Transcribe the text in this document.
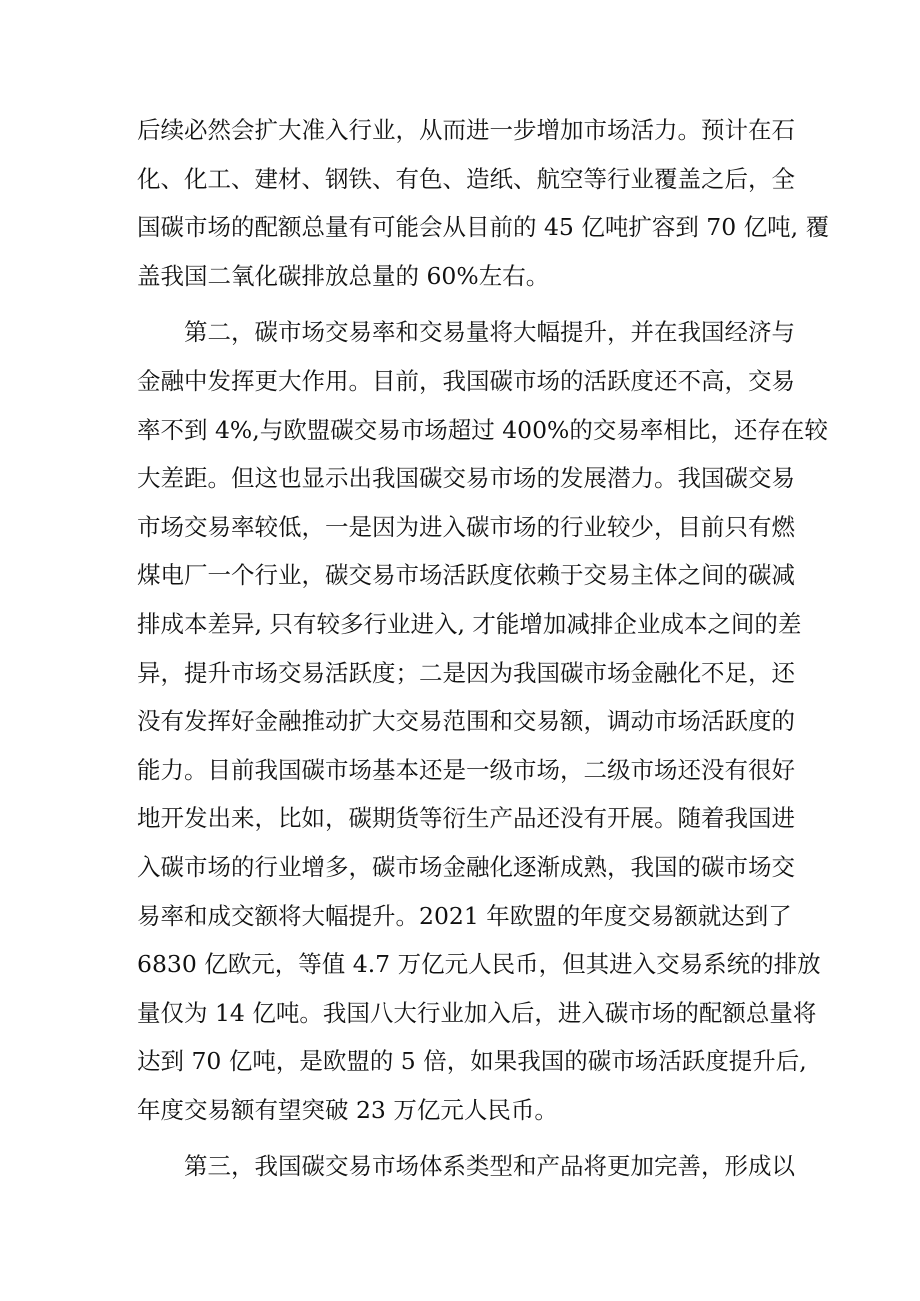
后续必然会扩大准入行业，从而进一步增加市场活力。预计在石
化、化工、建材、钢铁、有色、造纸、航空等行业覆盖之后，全
国碳市场的配额总量有可能会从目前的 45 亿吨扩容到 70 亿吨, 覆
盖我国二氧化碳排放总量的 60%左右。
第二，碳市场交易率和交易量将大幅提升，并在我国经济与
金融中发挥更大作用。目前，我国碳市场的活跃度还不高，交易
率不到 4%,与欧盟碳交易市场超过 400%的交易率相比，还存在较
大差距。但这也显示出我国碳交易市场的发展潜力。我国碳交易
市场交易率较低，一是因为进入碳市场的行业较少，目前只有燃
煤电厂一个行业，碳交易市场活跃度依赖于交易主体之间的碳减
排成本差异, 只有较多行业进入, 才能增加减排企业成本之间的差
异，提升市场交易活跃度；二是因为我国碳市场金融化不足，还
没有发挥好金融推动扩大交易范围和交易额，调动市场活跃度的
能力。目前我国碳市场基本还是一级市场，二级市场还没有很好
地开发出来，比如，碳期货等衍生产品还没有开展。随着我国进
入碳市场的行业增多，碳市场金融化逐渐成熟，我国的碳市场交
易率和成交额将大幅提升。2021 年欧盟的年度交易额就达到了
6830 亿欧元，等值 4.7 万亿元人民币，但其进入交易系统的排放
量仅为 14 亿吨。我国八大行业加入后，进入碳市场的配额总量将
达到 70 亿吨，是欧盟的 5 倍，如果我国的碳市场活跃度提升后,
年度交易额有望突破 23 万亿元人民币。
第三，我国碳交易市场体系类型和产品将更加完善，形成以
